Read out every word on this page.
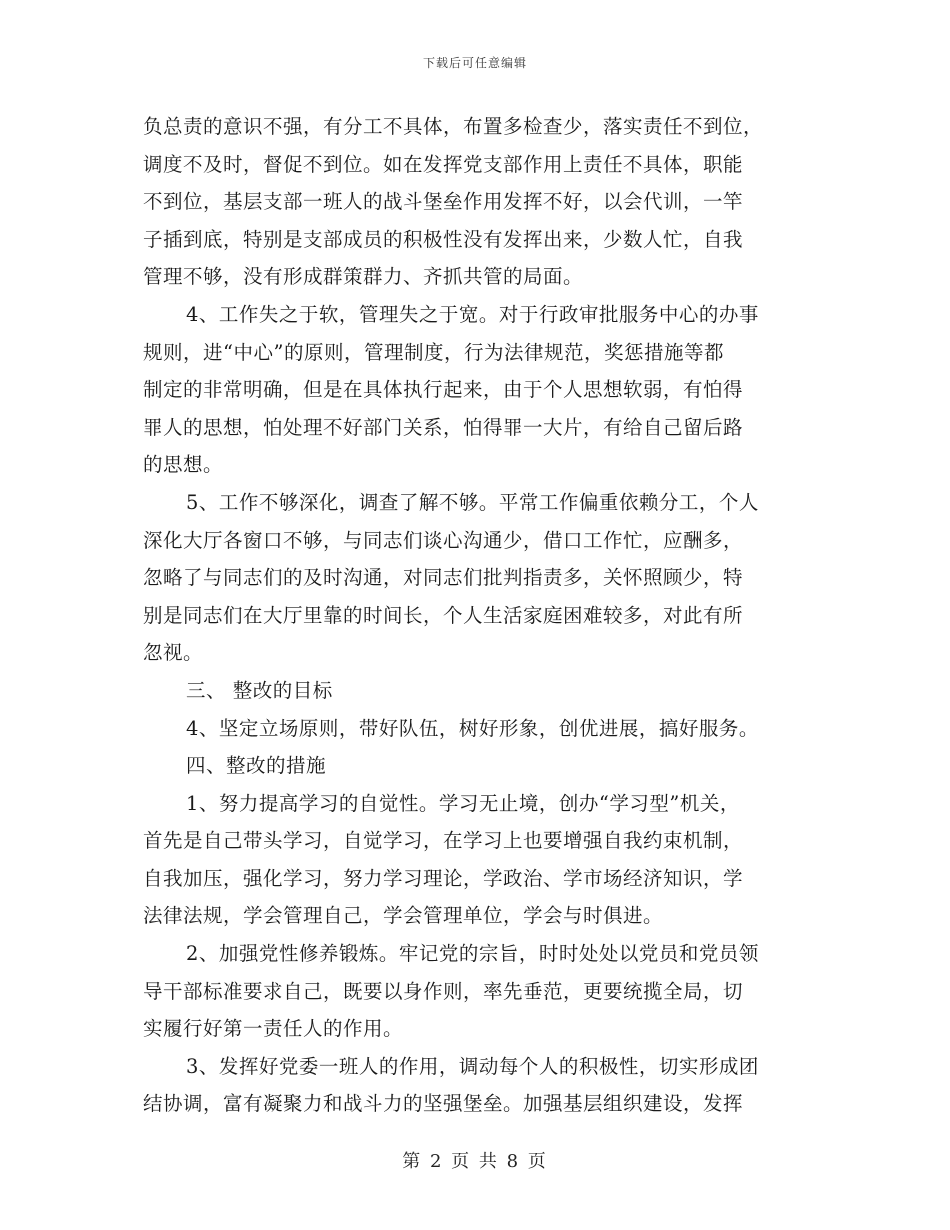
下载后可任意编辑
负总责的意识不强，有分工不具体，布置多检查少，落实责任不到位，
调度不及时，督促不到位。如在发挥党支部作用上责任不具体，职能
不到位，基层支部一班人的战斗堡垒作用发挥不好，以会代训，一竿
子插到底，特别是支部成员的积极性没有发挥出来，少数人忙，自我
管理不够，没有形成群策群力、齐抓共管的局面。
4、工作失之于软，管理失之于宽。对于行政审批服务中心的办事
规则，进“中心”的原则，管理制度，行为法律规范，奖惩措施等都
制定的非常明确，但是在具体执行起来，由于个人思想软弱，有怕得
罪人的思想，怕处理不好部门关系，怕得罪一大片，有给自己留后路
的思想。
5、工作不够深化，调查了解不够。平常工作偏重依赖分工，个人
深化大厅各窗口不够，与同志们谈心沟通少，借口工作忙，应酬多，
忽略了与同志们的及时沟通，对同志们批判指责多，关怀照顾少，特
别是同志们在大厅里靠的时间长，个人生活家庭困难较多，对此有所
忽视。
三、 整改的目标
4、坚定立场原则，带好队伍，树好形象，创优进展，搞好服务。
四、整改的措施
1、努力提高学习的自觉性。学习无止境，创办“学习型”机关，
首先是自己带头学习，自觉学习，在学习上也要增强自我约束机制，
自我加压，强化学习，努力学习理论，学政治、学市场经济知识，学
法律法规，学会管理自己，学会管理单位，学会与时俱进。
2、加强党性修养锻炼。牢记党的宗旨，时时处处以党员和党员领
导干部标准要求自己，既要以身作则，率先垂范，更要统揽全局，切
实履行好第一责任人的作用。
3、发挥好党委一班人的作用，调动每个人的积极性，切实形成团
结协调，富有凝聚力和战斗力的坚强堡垒。加强基层组织建设，发挥
第 2 页 共 8 页
